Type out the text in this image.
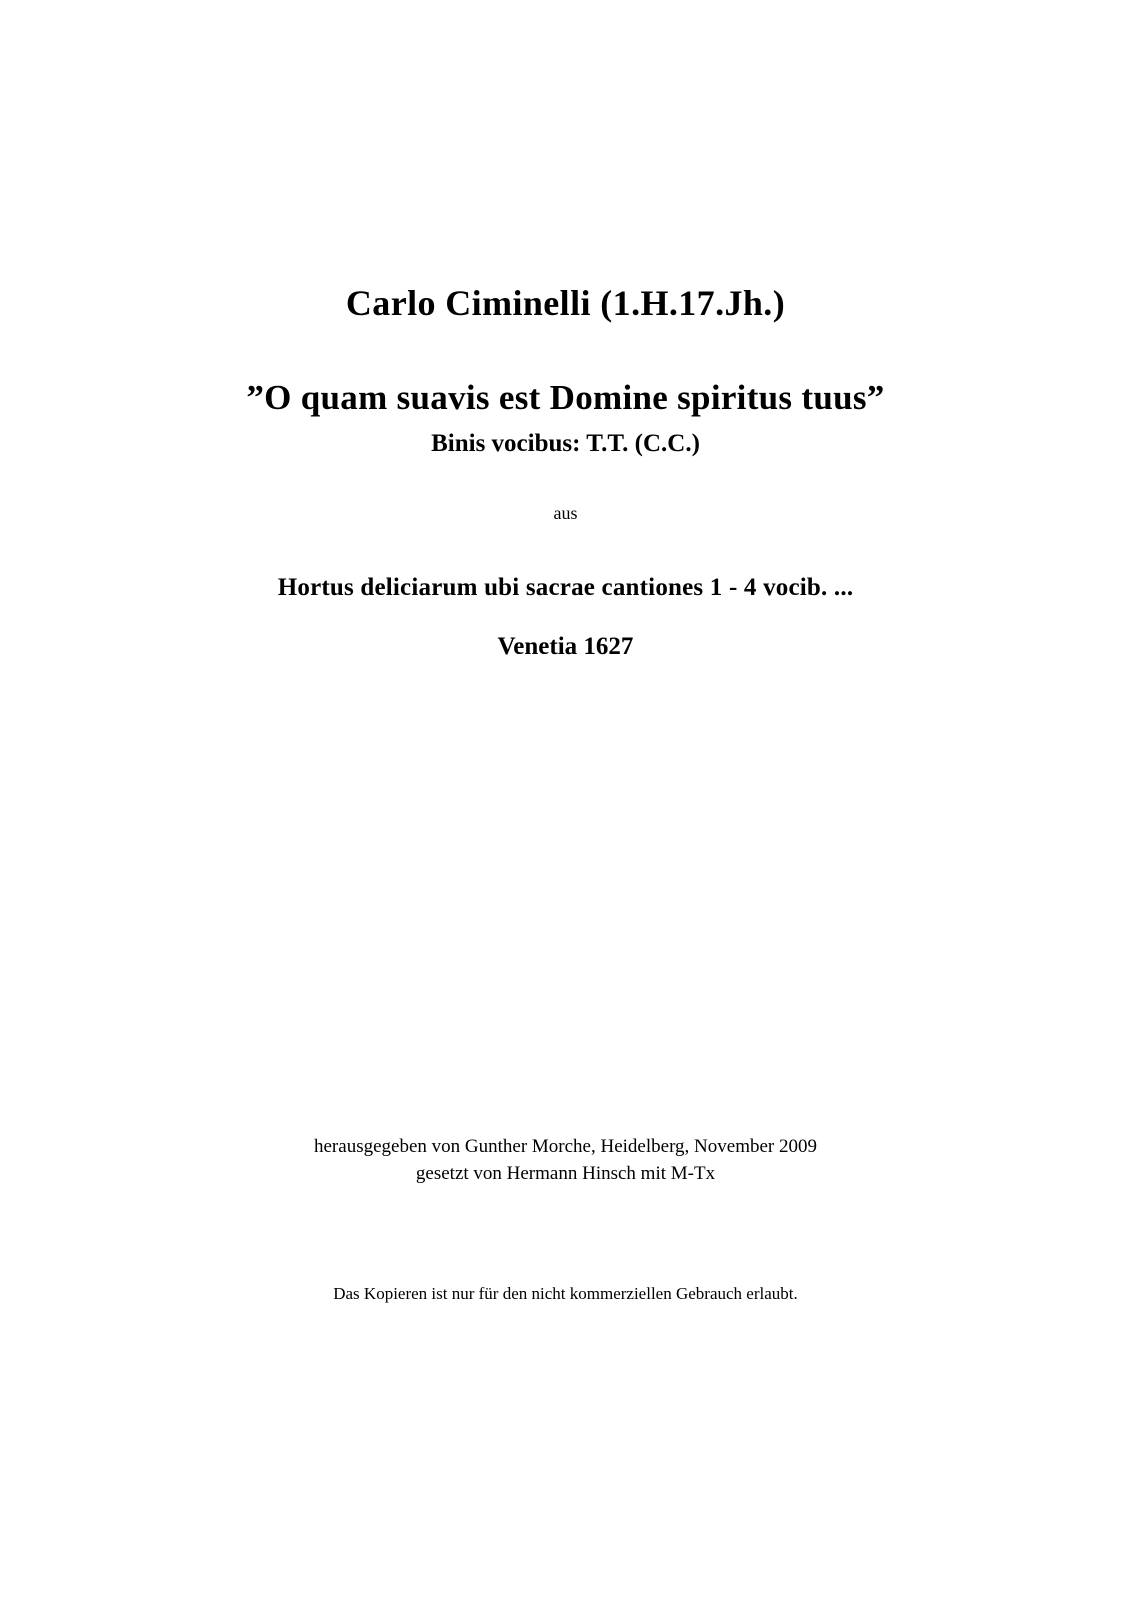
Carlo Ciminelli (1.H.17.Jh.)
”O quam suavis est Domine spiritus tuus”
Binis vocibus: T.T. (C.C.)
aus
Hortus deliciarum ubi sacrae cantiones 1 - 4 vocib. ...
Venetia 1627
herausgegeben von Gunther Morche, Heidelberg, November 2009
gesetzt von Hermann Hinsch mit M-Tx
Das Kopieren ist nur für den nicht kommerziellen Gebrauch erlaubt.
